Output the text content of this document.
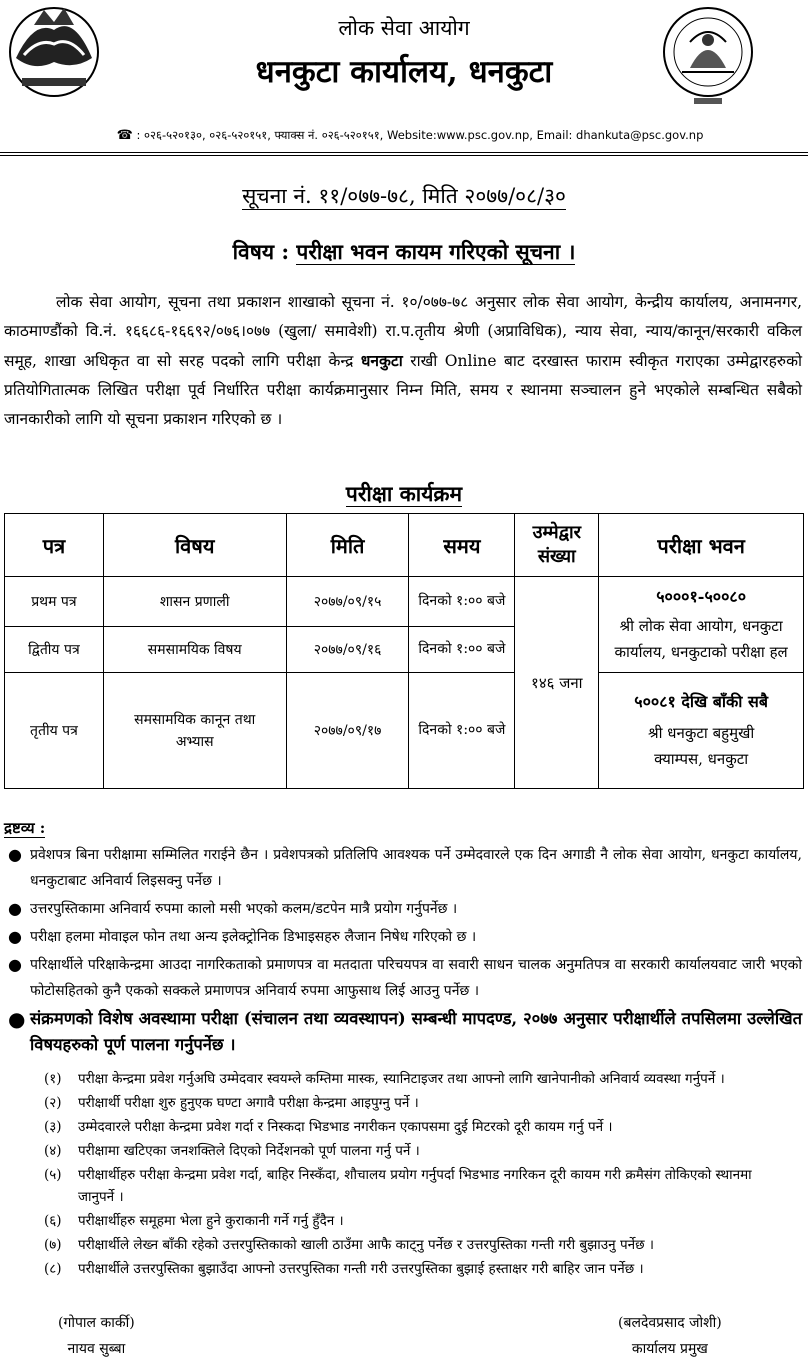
लोक सेवा आयोग
धनकुटा कार्यालय, धनकुटा
☎ : ०२६-५२०१३०, ०२६-५२०१५१, फ्याक्स नं. ०२६-५२०१५१, Website:www.psc.gov.np, Email: dhankuta@psc.gov.np
सूचना नं. ११/०७७-७८, मिति २०७७/०८/३०
विषय : परीक्षा भवन कायम गरिएको सूचना ।
लोक सेवा आयोग, सूचना तथा प्रकाशन शाखाको सूचना नं. १०/०७७-७८ अनुसार लोक सेवा आयोग, केन्द्रीय कार्यालय, अनामनगर, काठमाण्डौंको वि.नं. १६६८६-१६६९२/०७६।०७७ (खुला/ समावेशी) रा.प.तृतीय श्रेणी (अप्राविधिक), न्याय सेवा, न्याय/कानून/सरकारी वकिल समूह, शाखा अधिकृत वा सो सरह पदको लागि परीक्षा केन्द्र धनकुटा राखी Online बाट दरखास्त फाराम स्वीकृत गराएका उम्मेद्वारहरुको प्रतियोगितात्मक लिखित परीक्षा पूर्व निर्धारित परीक्षा कार्यक्रमानुसार निम्न मिति, समय र स्थानमा सञ्चालन हुने भएकोले सम्बन्धित सबैको जानकारीको लागि यो सूचना प्रकाशन गरिएको छ ।
परीक्षा कार्यक्रम
पत्र	विषय	मिति	समय	उम्मेद्वार संख्या	परीक्षा भवन
प्रथम पत्र	शासन प्रणाली	२०७७/०९/१५	दिनको १:०० बजे	१४६ जना	५०००१-५००८०
श्री लोक सेवा आयोग, धनकुटा कार्यालय, धनकुटाको परीक्षा हल

द्वितीय पत्र	समसामयिक विषय	२०७७/०९/१६	दिनको १:०० बजे		
तृतीय पत्र	समसामयिक कानून तथा अभ्यास	२०७७/०९/१७	दिनको १:०० बजे		५००८१ देखि बाँकी सबै
श्री धनकुटा बहुमुखी क्याम्पस, धनकुटा
द्रष्टव्य :
● प्रवेशपत्र बिना परीक्षामा सम्मिलित गराईने छैन । प्रवेशपत्रको प्रतिलिपि आवश्यक पर्ने उम्मेदवारले एक दिन अगाडी नै लोक सेवा आयोग, धनकुटा कार्यालय, धनकुटाबाट अनिवार्य लिइसक्नु पर्नेछ ।
● उत्तरपुस्तिकामा अनिवार्य रुपमा कालो मसी भएको कलम/डटपेन मात्रै प्रयोग गर्नुपर्नेछ ।
● परीक्षा हलमा मोवाइल फोन तथा अन्य इलेक्ट्रोनिक डिभाइसहरु लैजान निषेध गरिएको छ ।
● परिक्षार्थीले परिक्षाकेन्द्रमा आउदा नागरिकताको प्रमाणपत्र वा मतदाता परिचयपत्र वा सवारी साधन चालक अनुमतिपत्र वा सरकारी कार्यालयवाट जारी भएको फोटोसहितको कुनै एकको सक्कले प्रमाणपत्र अनिवार्य रुपमा आफुसाथ लिई आउनु पर्नेछ ।
● संक्रमणको विशेष अवस्थामा परीक्षा (संचालन तथा व्यवस्थापन) सम्बन्धी मापदण्ड, २०७७ अनुसार परीक्षार्थीले तपसिलमा उल्लेखित विषयहरुको पूर्ण पालना गर्नुपर्नेछ ।
(१) परीक्षा केन्द्रमा प्रवेश गर्नुअघि उम्मेदवार स्वयम्ले कम्तिमा मास्क, स्यानिटाइजर तथा आफ्नो लागि खानेपानीको अनिवार्य व्यवस्था गर्नुपर्ने ।
(२) परीक्षार्थी परीक्षा शुरु हुनुएक घण्टा अगावै परीक्षा केन्द्रमा आइपुग्नु पर्ने ।
(३) उम्मेदवारले परीक्षा केन्द्रमा प्रवेश गर्दा र निस्कदा भिडभाड नगरीकन एकापसमा दुई मिटरको दूरी कायम गर्नु पर्ने ।
(४) परीक्षामा खटिएका जनशक्तिले दिएको निर्देशनको पूर्ण पालना गर्नु पर्ने ।
(५) परीक्षार्थीहरु परीक्षा केन्द्रमा प्रवेश गर्दा, बाहिर निस्कँदा, शौचालय प्रयोग गर्नुपर्दा भिडभाड नगरिकन दूरी कायम गरी क्रमैसंग तोकिएको स्थानमा जानुपर्ने ।
(६) परीक्षार्थीहरु समूहमा भेला हुने कुराकानी गर्ने गर्नु हुँदैन ।
(७) परीक्षार्थीले लेख्न बाँकी रहेको उत्तरपुस्तिकाको खाली ठाउँमा आफै काट्नु पर्नेछ र उत्तरपुस्तिका गन्ती गरी बुझाउनु पर्नेछ ।
(८) परीक्षार्थीले उत्तरपुस्तिका बुझाउँदा आफ्नो उत्तरपुस्तिका गन्ती गरी उत्तरपुस्तिका बुझाई हस्ताक्षर गरी बाहिर जान पर्नेछ ।
(गोपाल कार्की)
नायव सुब्बा
(बलदेवप्रसाद जोशी)
कार्यालय प्रमुख
